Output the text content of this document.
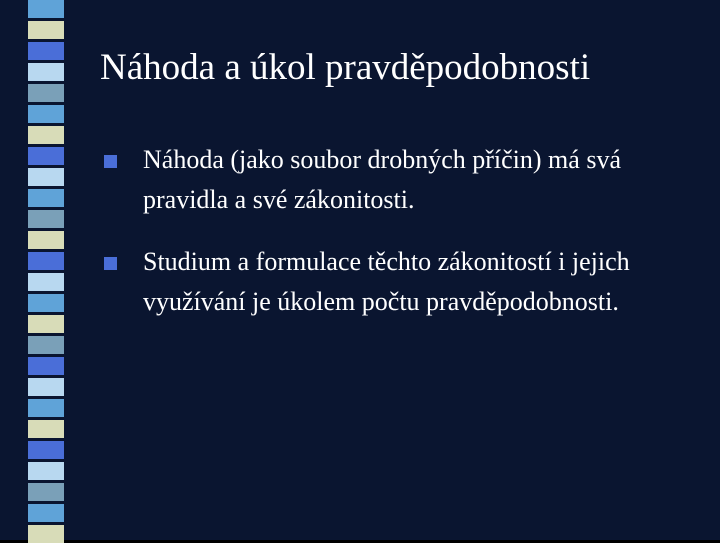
Náhoda a úkol pravděpodobnosti
Náhoda (jako soubor drobných příčin) má svá pravidla a své zákonitosti.
Studium a formulace těchto zákonitostí i jejich využívání je úkolem počtu pravděpodobnosti.
